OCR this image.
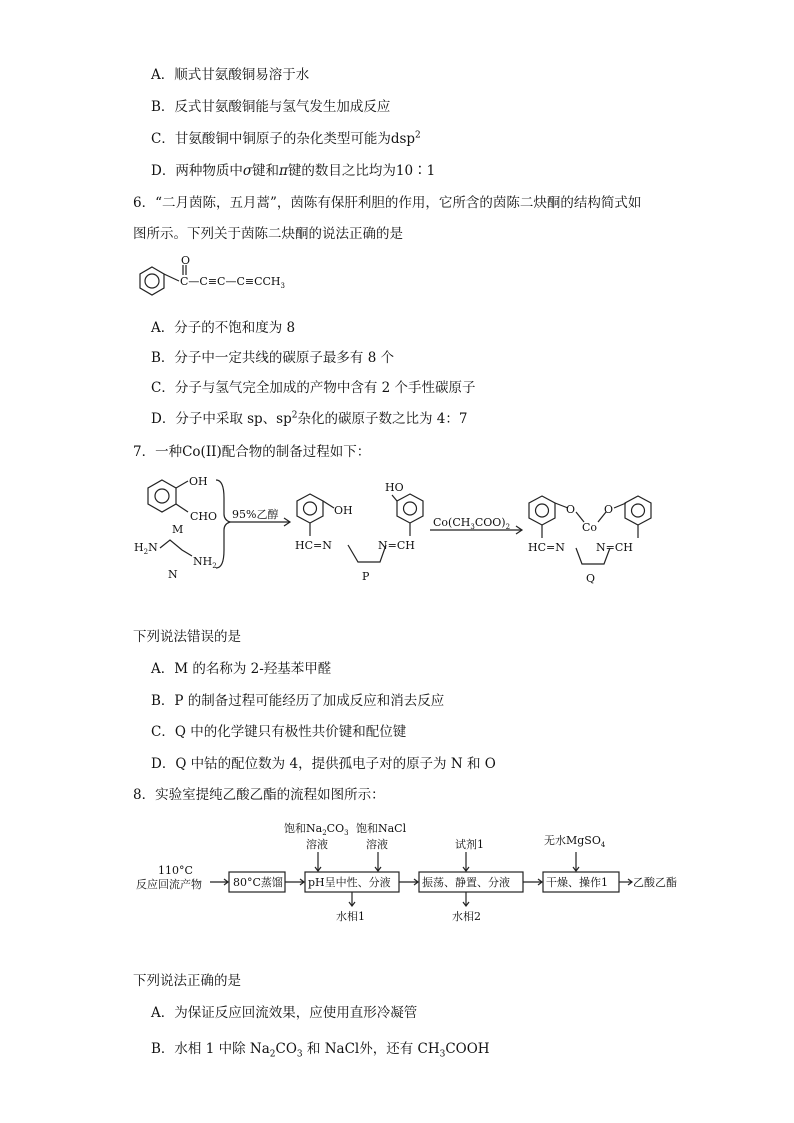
A．顺式甘氨酸铜易溶于水
B．反式甘氨酸铜能与氢气发生加成反应
C．甘氨酸铜中铜原子的杂化类型可能为dsp$^2$
D．两种物质中σ键和π键的数目之比均为10∶1
6．“二月茵陈，五月蒿”，茵陈有保肝利胆的作用，它所含的茵陈二炔酮的结构简式如
图所示。下列关于茵陈二炔酮的说法正确的是
O
$C—C\equiv C—C\equiv CCH_3$
A．分子的不饱和度为 8
B．分子中一定共线的碳原子最多有 8 个
C．分子与氢气完全加成的产物中含有 2 个手性碳原子
D．分子中采取 sp、$sp^2$杂化的碳原子数之比为 4：7
7．一种Co(II)配合物的制备过程如下：
OH
CHO
M
$H_2N$
$NH_2$
N
95%乙醇	OH
HC=N
HO
N=CH
P
$Co(CH_3COO)_2$
O
Co
O
HC=N	N=CH
Q
下列说法错误的是
A．M 的名称为 2-羟基苯甲醛
B．P 的制备过程可能经历了加成反应和消去反应
C．Q 中的化学键只有极性共价键和配位键
D．Q 中钴的配位数为 4，提供孤电子对的原子为 N 和 O
8．实验室提纯乙酸乙酯的流程如图所示：
110°C
反应回流产物	80°C蒸馏
饱和$Na_2CO_3$
溶液
饱和NaCl
溶液
pH呈中性、分液
水相1
试剂1
振荡、静置、分液
水相2
无水MgSO$_4$
干燥、操作1 乙酸乙酯
下列说法正确的是
A．为保证反应回流效果，应使用直形冷凝管
B．水相 1 中除 $Na_2CO_3$ 和 NaCl外，还有 $CH_3COOH$
